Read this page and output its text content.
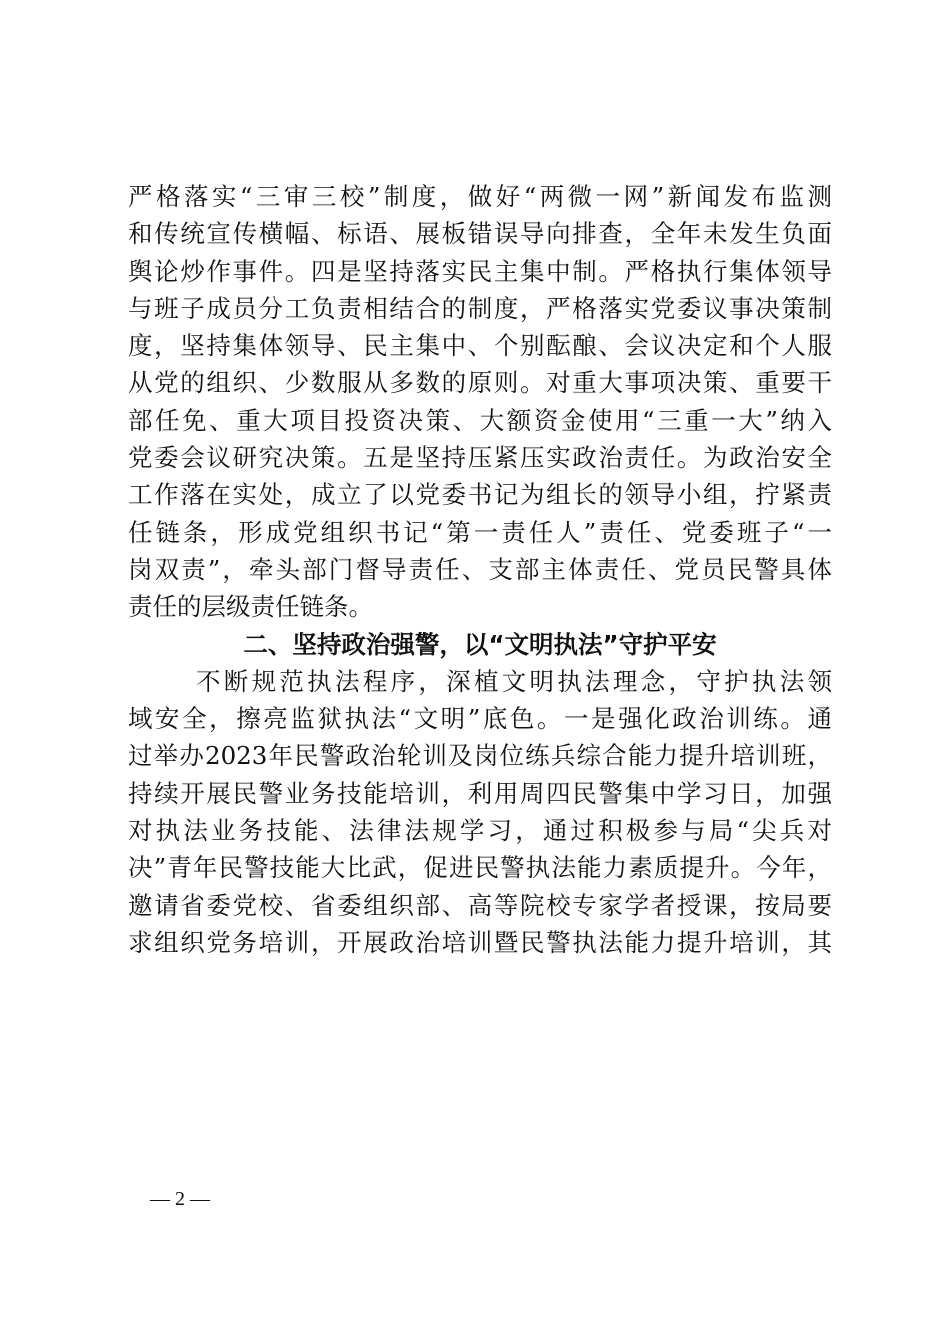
严格落实“三审三校”制度，做好“两微一网”新闻发布监测
和传统宣传横幅、标语、展板错误导向排查，全年未发生负面
舆论炒作事件。四是坚持落实民主集中制。严格执行集体领导
与班子成员分工负责相结合的制度，严格落实党委议事决策制
度，坚持集体领导、民主集中、个别酝酿、会议决定和个人服
从党的组织、少数服从多数的原则。对重大事项决策、重要干
部任免、重大项目投资决策、大额资金使用“三重一大”纳入
党委会议研究决策。五是坚持压紧压实政治责任。为政治安全
工作落在实处，成立了以党委书记为组长的领导小组，拧紧责
任链条，形成党组织书记“第一责任人”责任、党委班子“一
岗双责”，牵头部门督导责任、支部主体责任、党员民警具体
责任的层级责任链条。
二、坚持政治强警，以“文明执法”守护平安
不断规范执法程序，深植文明执法理念，守护执法领
域安全，擦亮监狱执法“文明”底色。一是强化政治训练。通
过举办2023年民警政治轮训及岗位练兵综合能力提升培训班，
持续开展民警业务技能培训，利用周四民警集中学习日，加强
对执法业务技能、法律法规学习，通过积极参与局“尖兵对
决”青年民警技能大比武，促进民警执法能力素质提升。今年，
邀请省委党校、省委组织部、高等院校专家学者授课，按局要
求组织党务培训，开展政治培训暨民警执法能力提升培训，其
— 2 —
